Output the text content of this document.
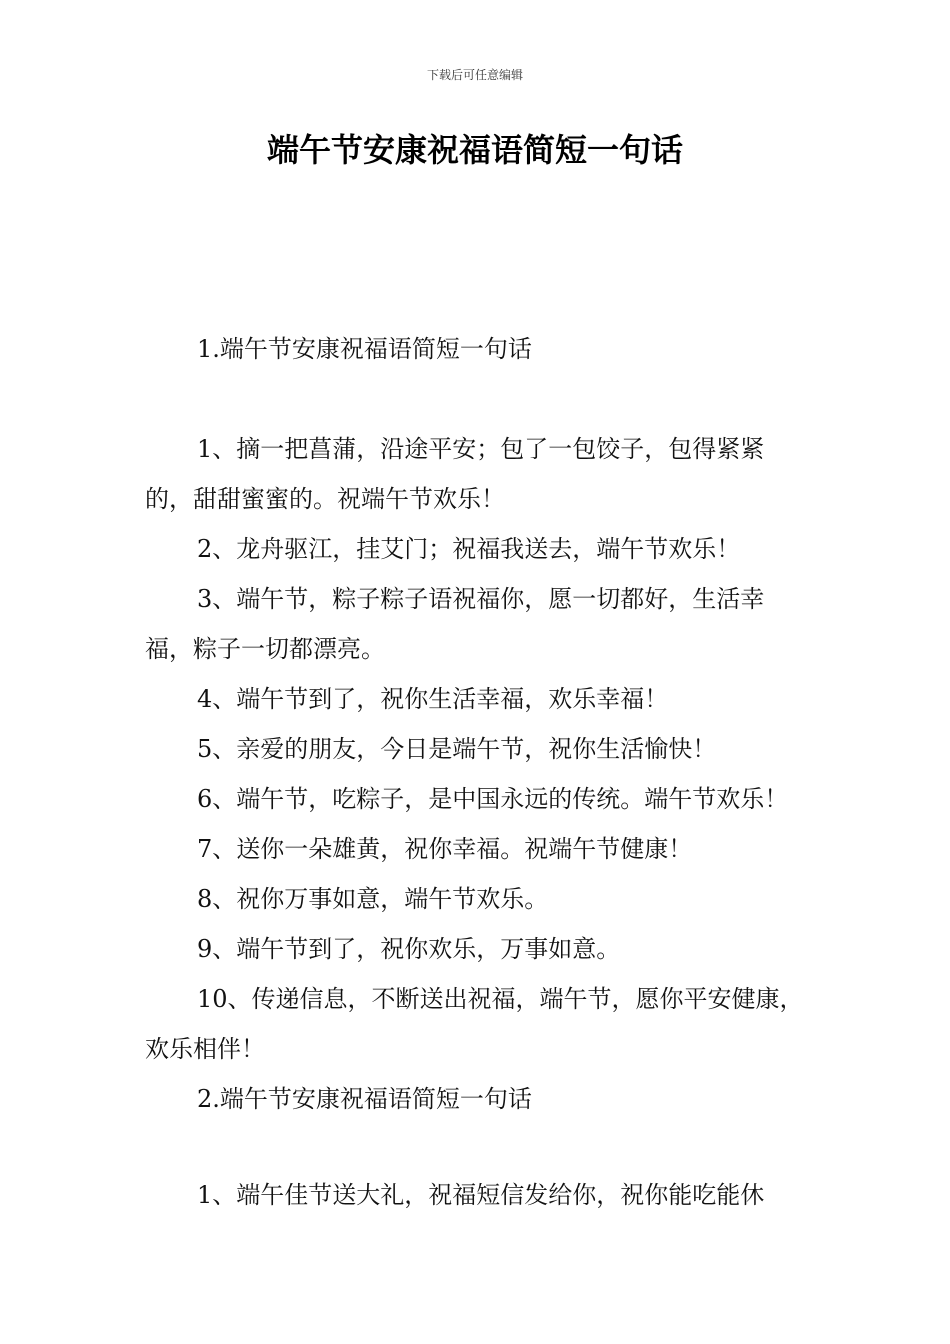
下载后可任意编辑
端午节安康祝福语简短一句话

1.端午节安康祝福语简短一句话

1、摘一把菖蒲，沿途平安；包了一包饺子，包得紧紧的，甜甜蜜蜜的。祝端午节欢乐！

2、龙舟驱江，挂艾门；祝福我送去，端午节欢乐！

3、端午节，粽子粽子语祝福你，愿一切都好，生活幸福，粽子一切都漂亮。

4、端午节到了，祝你生活幸福，欢乐幸福！

5、亲爱的朋友，今日是端午节，祝你生活愉快！

6、端午节，吃粽子，是中国永远的传统。端午节欢乐！

7、送你一朵雄黄，祝你幸福。祝端午节健康！

8、祝你万事如意，端午节欢乐。

9、端午节到了，祝你欢乐，万事如意。

10、传递信息，不断送出祝福，端午节，愿你平安健康，欢乐相伴！

2.端午节安康祝福语简短一句话

1、端午佳节送大礼，祝福短信发给你，祝你能吃能休
